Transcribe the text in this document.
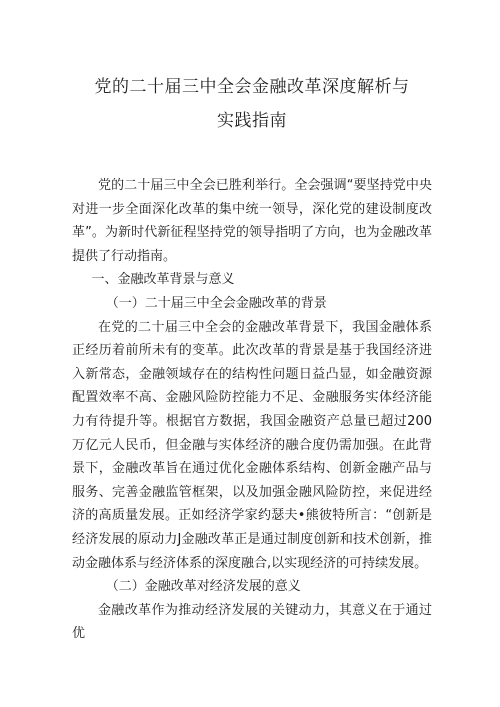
党的二十届三中全会金融改革深度解析与
实践指南

党的二十届三中全会已胜利举行。全会强调“要坚持党中央对进一步全面深化改革的集中统一领导，深化党的建设制度改革”。为新时代新征程坚持党的领导指明了方向，也为金融改革提供了行动指南。

一、金融改革背景与意义

（一）二十届三中全会金融改革的背景

在党的二十届三中全会的金融改革背景下，我国金融体系正经历着前所未有的变革。此次改革的背景是基于我国经济进入新常态，金融领域存在的结构性问题日益凸显，如金融资源配置效率不高、金融风险防控能力不足、金融服务实体经济能力有待提升等。根据官方数据，我国金融资产总量已超过200万亿元人民币，但金融与实体经济的融合度仍需加强。在此背景下，金融改革旨在通过优化金融体系结构、创新金融产品与服务、完善金融监管框架，以及加强金融风险防控，来促进经济的高质量发展。正如经济学家约瑟夫•熊彼特所言：“创新是经济发展的原动力J金融改革正是通过制度创新和技术创新，推动金融体系与经济体系的深度融合,以实现经济的可持续发展。

（二）金融改革对经济发展的意义

金融改革作为推动经济发展的关键动力，其意义在于通过优
